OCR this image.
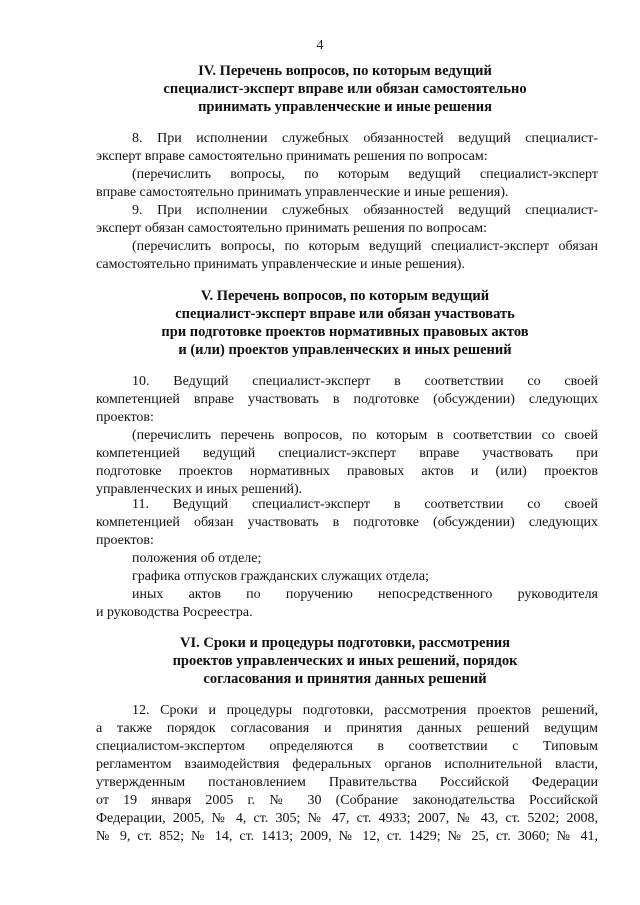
4
IV. Перечень вопросов, по которым ведущий
специалист-эксперт вправе или обязан самостоятельно
принимать управленческие и иные решения
8. При исполнении служебных обязанностей ведущий специалист-
эксперт вправе самостоятельно принимать решения по вопросам:
(перечислить вопросы, по которым ведущий специалист-эксперт
вправе самостоятельно принимать управленческие и иные решения).
9. При исполнении служебных обязанностей ведущий специалист-
эксперт обязан самостоятельно принимать решения по вопросам:
(перечислить вопросы, по которым ведущий специалист-эксперт обязан
самостоятельно принимать управленческие и иные решения).
V. Перечень вопросов, по которым ведущий
специалист-эксперт вправе или обязан участвовать
при подготовке проектов нормативных правовых актов
и (или) проектов управленческих и иных решений
10. Ведущий специалист-эксперт в соответствии со своей
компетенцией вправе участвовать в подготовке (обсуждении) следующих
проектов:
(перечислить перечень вопросов, по которым в соответствии со своей
компетенцией ведущий специалист-эксперт вправе участвовать при
подготовке проектов нормативных правовых актов и (или) проектов
управленческих и иных решений).
11. Ведущий специалист-эксперт в соответствии со своей
компетенцией обязан участвовать в подготовке (обсуждении) следующих
проектов:
положения об отделе;
графика отпусков гражданских служащих отдела;
иных актов по поручению непосредственного руководителя
и руководства Росреестра.
VI. Сроки и процедуры подготовки, рассмотрения
проектов управленческих и иных решений, порядок
согласования и принятия данных решений
12. Сроки и процедуры подготовки, рассмотрения проектов решений,
а также порядок согласования и принятия данных решений ведущим
специалистом-экспертом определяются в соответствии с Типовым
регламентом взаимодействия федеральных органов исполнительной власти,
утвержденным постановлением Правительства Российской Федерации
от 19 января 2005 г. № 30 (Собрание законодательства Российской
Федерации, 2005, № 4, ст. 305; № 47, ст. 4933; 2007, № 43, ст. 5202; 2008,
№ 9, ст. 852; № 14, ст. 1413; 2009, № 12, ст. 1429; № 25, ст. 3060; № 41,
